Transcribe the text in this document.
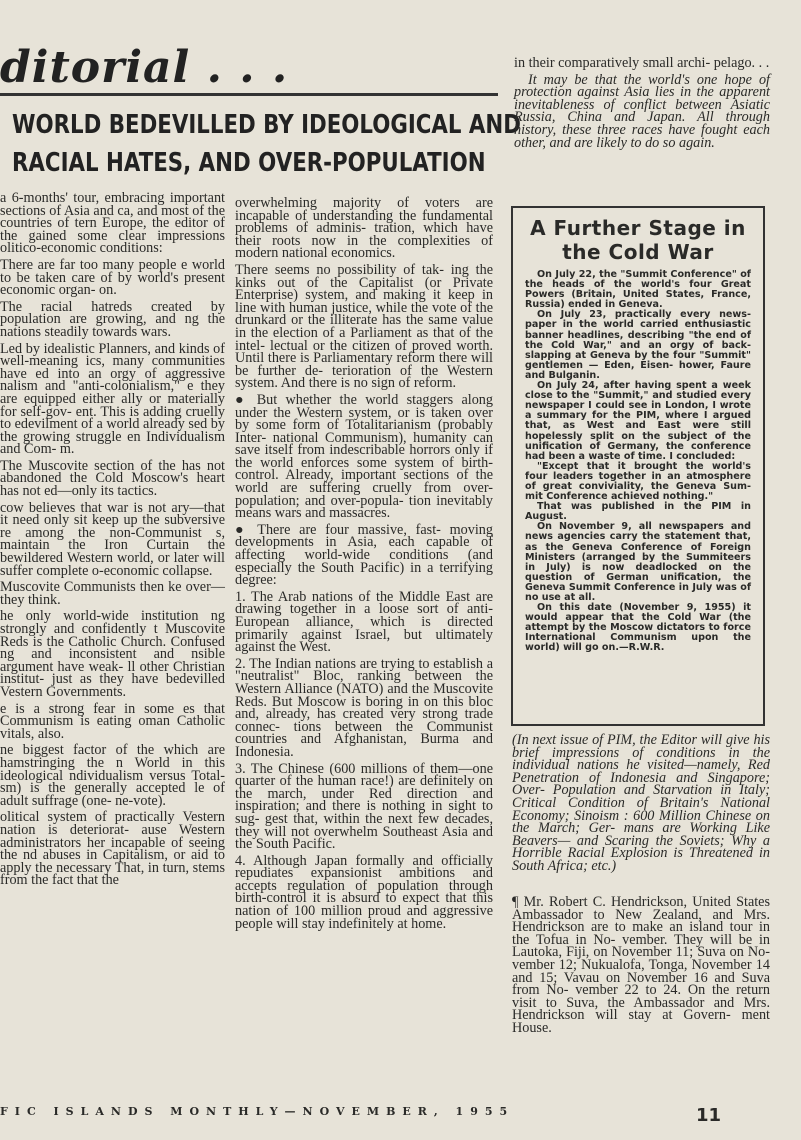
ditorial . . .
WORLD BEDEVILLED BY IDEOLOGICAL AND
RACIAL HATES, AND OVER-POPULATION

a 6-months' tour, embracing important sections of Asia and ca, and most of the countries of tern Europe, the editor of the gained some clear impressions olitico-economic conditions:

There are far too many people e world to be taken care of by world's present economic organ- on.

The racial hatreds created by population are growing, and ng the nations steadily towards wars.

Led by idealistic Planners, and kinds of well-meaning ics, many communities have ed into an orgy of aggressive nalism and "anti-colonialism," e they are equipped either ally or materially for self-gov- ent. This is adding cruelly to edevilment of a world already sed by the growing struggle en Individualism and Com- m.

The Muscovite section of the has not abandoned the Cold Moscow's heart has not ed—only its tactics.

cow believes that war is not ary—that it need only sit keep up the subversive re among the non-Communist s, maintain the Iron Curtain the bewildered Western world, or later will suffer complete o-economic collapse.

Muscovite Communists then ke over—they think.

he only world-wide institution ng strongly and confidently t Muscovite Reds is the Catholic Church. Confused ng and inconsistent and nsible argument have weak- ll other Christian institut- just as they have bedevilled Vestern Governments.

e is a strong fear in some es that Communism is eating oman Catholic vitals, also.

ne biggest factor of the which are hamstringing the n World in this ideological ndividualism versus Total- sm) is the generally accepted le of adult suffrage (one- ne-vote).

olitical system of practically Vestern nation is deteriorat- ause Western administrators her incapable of seeing the nd abuses in Capitalism, or aid to apply the necessary That, in turn, stems from the fact that the

overwhelming majority of voters are incapable of understanding the fundamental problems of adminis- tration, which have their roots now in the complexities of modern national economics.

There seems no possibility of tak- ing the kinks out of the Capitalist (or Private Enterprise) system, and making it keep in line with human justice, while the vote of the drunkard or the illiterate has the same value in the election of a Parliament as that of the intel- lectual or the citizen of proved worth. Until there is Parliamentary reform there will be further de- terioration of the Western system. And there is no sign of reform.

● But whether the world staggers along under the Western system, or is taken over by some form of Totalitarianism (probably Inter- national Communism), humanity can save itself from indescribable horrors only if the world enforces some system of birth-control. Already, important sections of the world are suffering cruelly from over-population; and over-popula- tion inevitably means wars and massacres.

● There are four massive, fast- moving developments in Asia, each capable of affecting world-wide conditions (and especially the South Pacific) in a terrifying degree:

1. The Arab nations of the Middle East are drawing together in a loose sort of anti-European alliance, which is directed primarily against Israel, but ultimately against the West.

2. The Indian nations are trying to establish a "neutralist" Bloc, ranking between the Western Alliance (NATO) and the Muscovite Reds. But Moscow is boring in on this bloc and, already, has created very strong trade connec- tions between the Communist countries and Afghanistan, Burma and Indonesia.

3. The Chinese (600 millions of them—one quarter of the human race!) are definitely on the march, under Red direction and inspiration; and there is nothing in sight to sug- gest that, within the next few decades, they will not overwhelm Southeast Asia and the South Pacific.

4. Although Japan formally and officially repudiates expansionist ambitions and accepts regulation of population through birth-control it is absurd to expect that this nation of 100 million proud and aggressive people will stay indefinitely at home.

in their comparatively small archi- pelago. . .

It may be that the world's one hope of protection against Asia lies in the apparent inevitableness of conflict between Asiatic Russia, China and Japan. All through history, these three races have fought each other, and are likely to do so again.

A Further Stage in the Cold War

On July 22, the "Summit Conference" of the heads of the world's four Great Powers (Britain, United States, France, Russia) ended in Geneva.

On July 23, practically every news- paper in the world carried enthusiastic banner headlines, describing "the end of the Cold War," and an orgy of back-slapping at Geneva by the four "Summit" gentlemen — Eden, Eisen- hower, Faure and Bulganin.

On July 24, after having spent a week close to the "Summit," and studied every newspaper I could see in London, I wrote a summary for the PIM, where I argued that, as West and East were still hopelessly split on the subject of the unification of Germany, the conference had been a waste of time. I concluded:

"Except that it brought the world's four leaders together in an atmosphere of great conviviality, the Geneva Sum- mit Conference achieved nothing."

That was published in the PIM in August.

On November 9, all newspapers and news agencies carry the statement that, as the Geneva Conference of Foreign Ministers (arranged by the Summiteers in July) is now deadlocked on the question of German unification, the Geneva Summit Conference in July was of no use at all.

On this date (November 9, 1955) it would appear that the Cold War (the attempt by the Moscow dictators to force International Communism upon the world) will go on.—R.W.R.

(In next issue of PIM, the Editor will give his brief impressions of conditions in the individual nations he visited—namely, Red Penetration of Indonesia and Singapore; Over- Population and Starvation in Italy; Critical Condition of Britain's National Economy; Sinoism : 600 Million Chinese on the March; Ger- mans are Working Like Beavers— and Scaring the Soviets; Why a Horrible Racial Explosion is Threatened in South Africa; etc.)
¶ Mr. Robert C. Hendrickson, United States Ambassador to New Zealand, and Mrs. Hendrickson are to make an island tour in the Tofua in No- vember. They will be in Lautoka, Fiji, on November 11; Suva on No- vember 12; Nukualofa, Tonga, November 14 and 15; Vavau on November 16 and Suva from No- vember 22 to 24. On the return visit to Suva, the Ambassador and Mrs. Hendrickson will stay at Govern- ment House.
FIC ISLANDS MONTHLY—NOVEMBER, 1955	11
